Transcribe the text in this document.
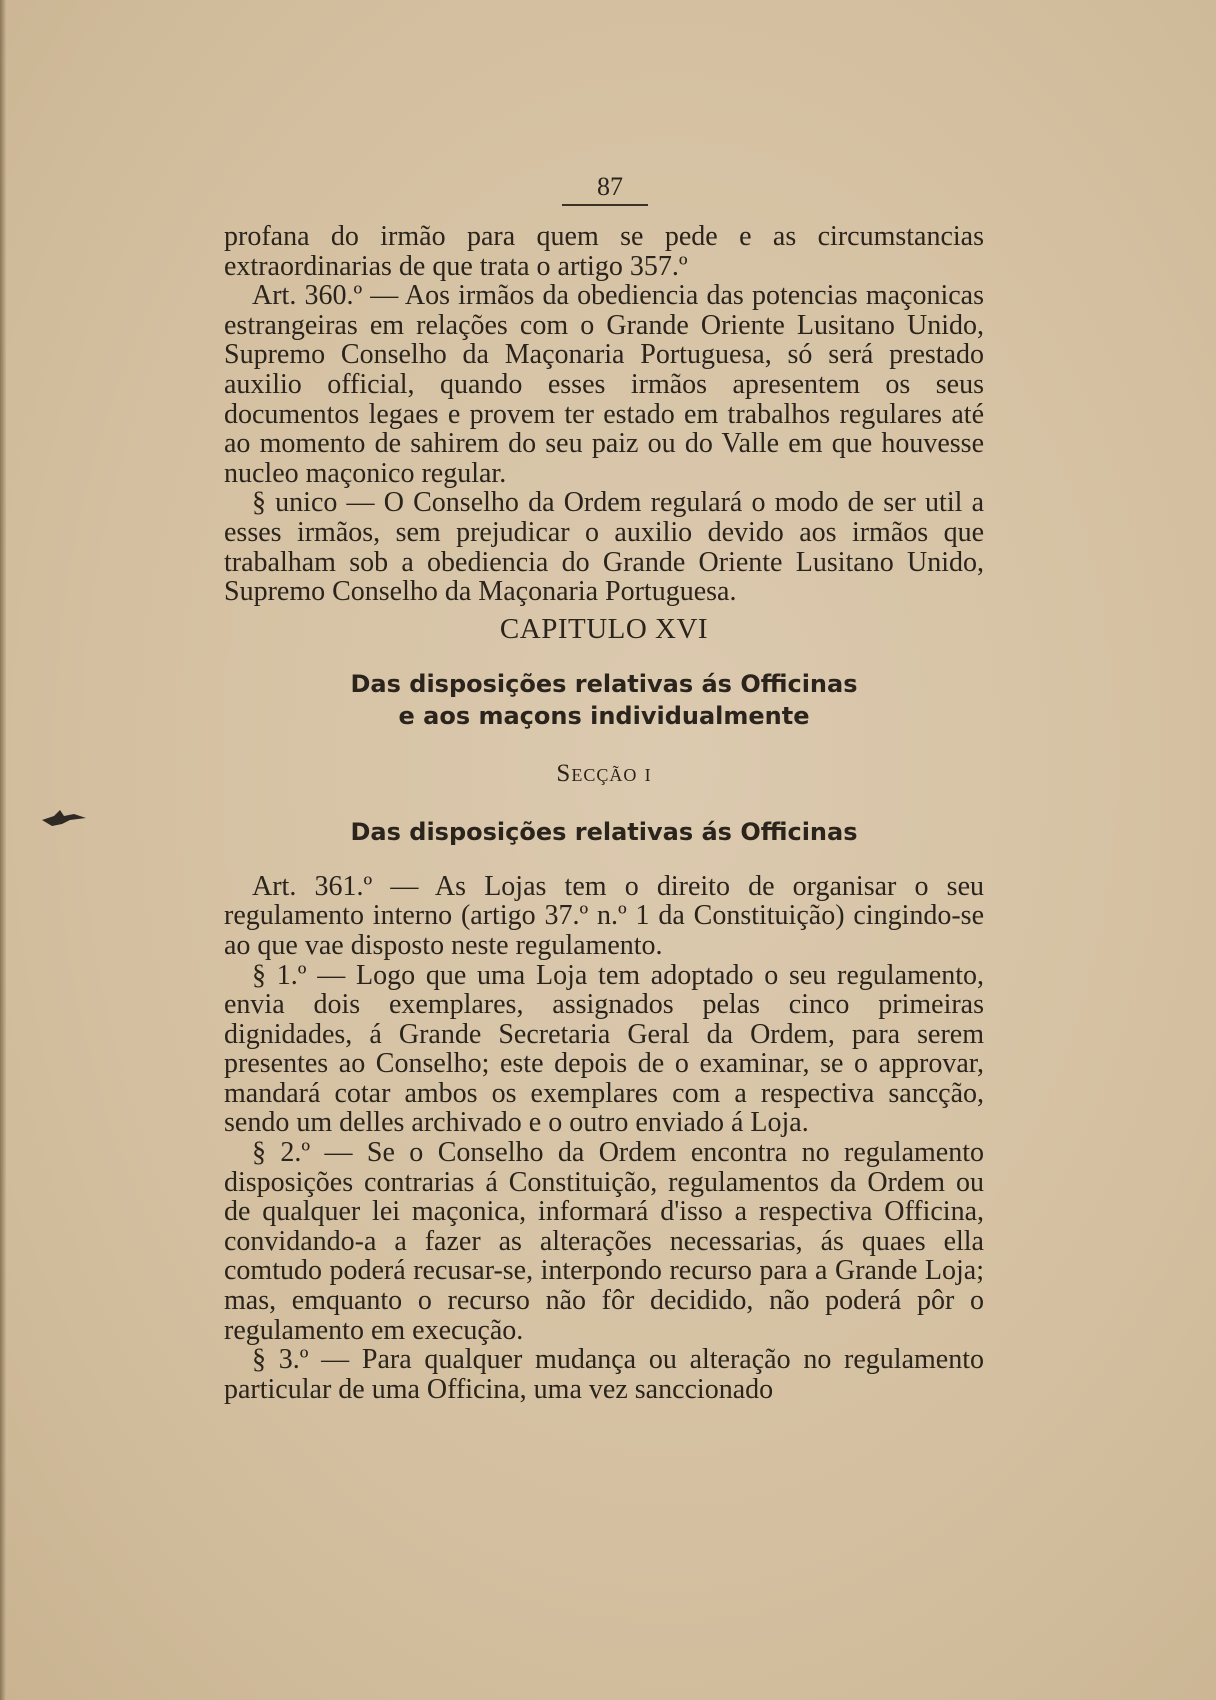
87

profana do irmão para quem se pede e as circumstancias extraordinarias de que trata o artigo 357.º

Art. 360.º — Aos irmãos da obediencia das potencias maçonicas estrangeiras em relações com o Grande Oriente Lusitano Unido, Supremo Conselho da Maçonaria Portuguesa, só será prestado auxilio official, quando esses irmãos apresentem os seus documentos legaes e provem ter estado em trabalhos regulares até ao momento de sahirem do seu paiz ou do Valle em que houvesse nucleo maçonico regular.

§ unico — O Conselho da Ordem regulará o modo de ser util a esses irmãos, sem prejudicar o auxilio devido aos irmãos que trabalham sob a obediencia do Grande Oriente Lusitano Unido, Supremo Conselho da Maçonaria Portuguesa.

CAPITULO XVI
Das disposições relativas ás Officinas
e aos maçons individualmente
Secção i
Das disposições relativas ás Officinas

Art. 361.º — As Lojas tem o direito de organisar o seu regulamento interno (artigo 37.º n.º 1 da Constituição) cingindo-se ao que vae disposto neste regulamento.

§ 1.º — Logo que uma Loja tem adoptado o seu regulamento, envia dois exemplares, assignados pelas cinco primeiras dignidades, á Grande Secretaria Geral da Ordem, para serem presentes ao Conselho; este depois de o examinar, se o approvar, mandará cotar ambos os exemplares com a respectiva sancção, sendo um delles archivado e o outro enviado á Loja.

§ 2.º — Se o Conselho da Ordem encontra no regulamento disposições contrarias á Constituição, regulamentos da Ordem ou de qualquer lei maçonica, informará d'isso a respectiva Officina, convidando-a a fazer as alterações necessarias, ás quaes ella comtudo poderá recusar-se, interpondo recurso para a Grande Loja; mas, emquanto o recurso não fôr decidido, não poderá pôr o regulamento em execução.

§ 3.º — Para qualquer mudança ou alteração no regulamento particular de uma Officina, uma vez sanccionado
